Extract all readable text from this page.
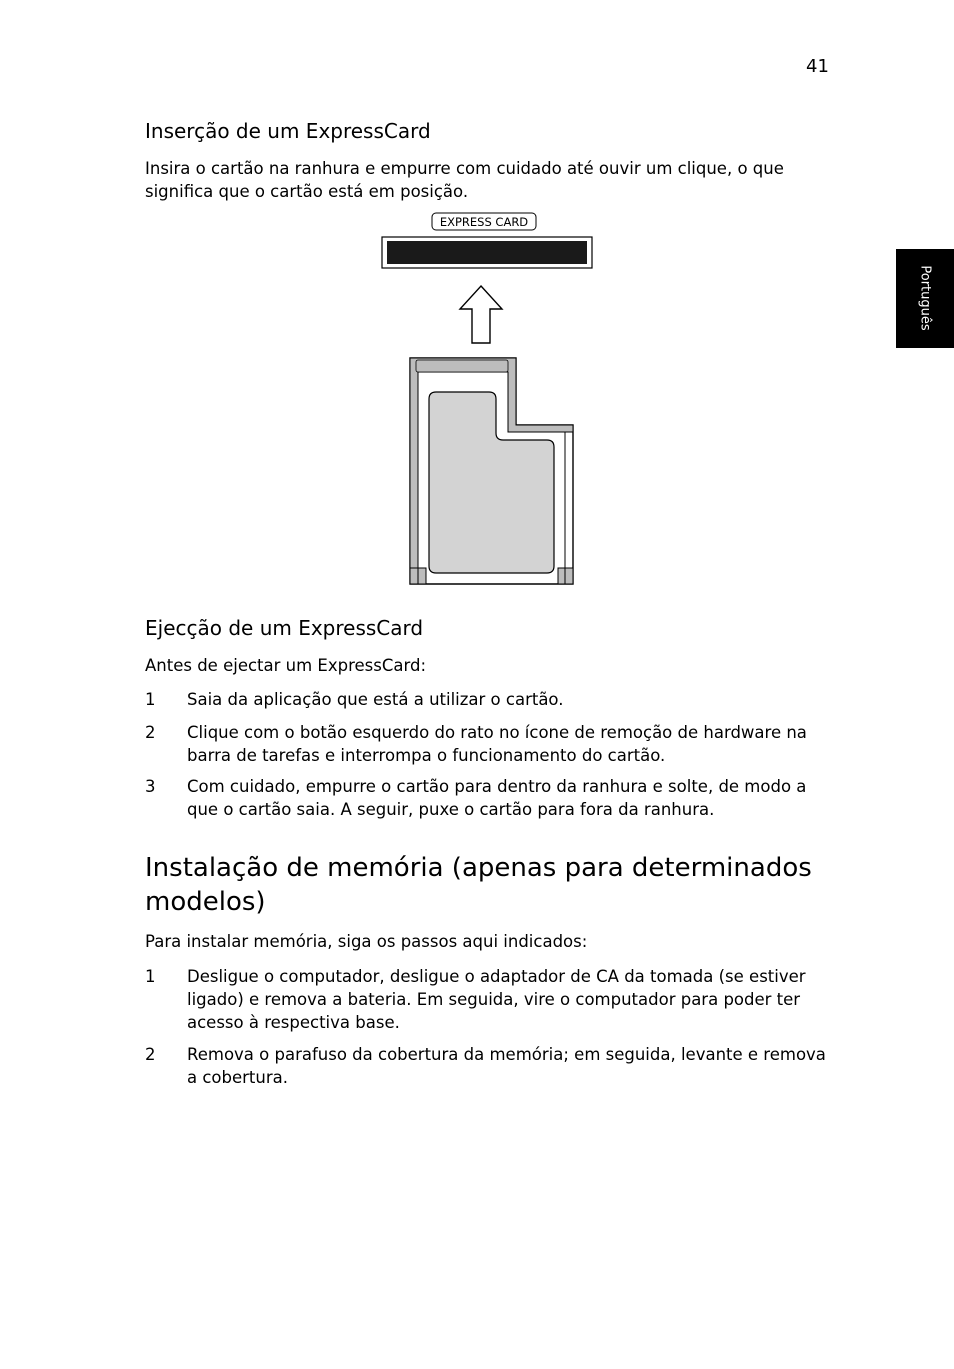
41
Português
Inserção de um ExpressCard

Insira o cartão na ranhura e empurre com cuidado até ouvir um clique, o que significa que o cartão está em posição.

EXPRESS CARD
Ejecção de um ExpressCard

Antes de ejectar um ExpressCard:

1 Saia da aplicação que está a utilizar o cartão.
2 Clique com o botão esquerdo do rato no ícone de remoção de hardware na barra de tarefas e interrompa o funcionamento do cartão.
3 Com cuidado, empurre o cartão para dentro da ranhura e solte, de modo a que o cartão saia. A seguir, puxe o cartão para fora da ranhura.
Instalação de memória (apenas para determinados modelos)

Para instalar memória, siga os passos aqui indicados:

1 Desligue o computador, desligue o adaptador de CA da tomada (se estiver ligado) e remova a bateria. Em seguida, vire o computador para poder ter acesso à respectiva base.
2 Remova o parafuso da cobertura da memória; em seguida, levante e remova a cobertura.
